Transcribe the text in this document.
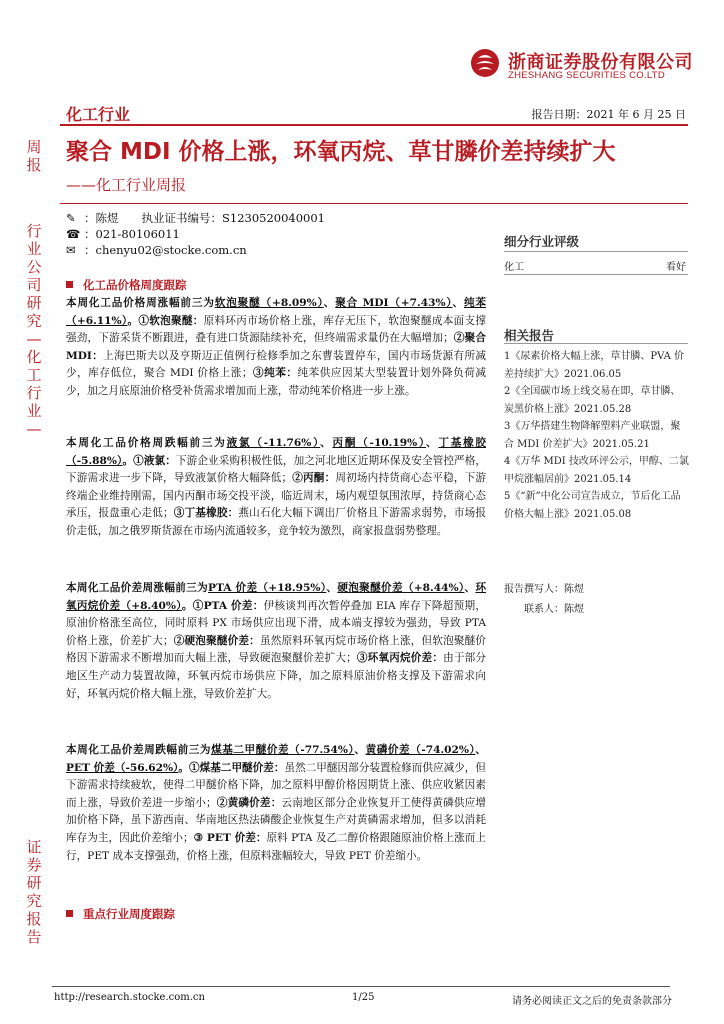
浙商证券股份有限公司
ZHESHANG SECURITIES CO.LTD
化工行业	报告日期：2021 年 6 月 25 日
周报
行业公司研究—化工行业—
证券研究报告
聚合 MDI 价格上涨，环氧丙烷、草甘膦价差持续扩大
——化工行业周报
✎ ：陈煜　　执业证书编号：S1230520040001
☎ ：021-80106011
✉ ：chenyu02@stocke.com.cn
细分行业评级
化工	看好
相关报告

1《尿素价格大幅上涨，草甘膦、PVA 价差持续扩大》2021.06.05

2《全国碳市场上线交易在即，草甘膦、炭黑价格上涨》2021.05.28

3《万华搭建生物降解塑料产业联盟，聚合 MDI 价差扩大》2021.05.21

4《万华 MDI 技改环评公示，甲醇、二氯甲烷涨幅居前》2021.05.14

5《“新”中化公司宣告成立，节后化工品价格大幅上涨》2021.05.08

报告撰写人：陈煜
联系人：陈煜
化工品价格周度跟踪
本周化工品价格周涨幅前三为软泡聚醚（+8.09%）、聚合 MDI（+7.43%）、纯苯（+6.11%）。①软泡聚醚：原料环丙市场价格上涨，库存无压下，软泡聚醚成本面支撑强劲，下游采货不断跟进，叠有进口货源陆续补充，但终端需求量仍在大幅增加；②聚合 MDI：上海巴斯夫以及亨斯迈正值例行检修季加之东曹装置停车，国内市场货源有所减少，库存低位，聚合 MDI 价格上涨；③纯苯：纯苯供应因某大型装置计划外降负荷减少，加之月底原油价格受补货需求增加而上涨，带动纯苯价格进一步上涨。
本周化工品价格周跌幅前三为液氯（-11.76%）、丙酮（-10.19%）、丁基橡胶（-5.88%）。①液氯：下游企业采购积极性低，加之河北地区近期环保及安全管控严格，下游需求进一步下降，导致液氯价格大幅降低；②丙酮：周初场内持货商心态平稳，下游终端企业维持刚需，国内丙酮市场交投平淡，临近周末，场内观望氛围浓厚，持货商心态承压，报盘重心走低；③丁基橡胶：燕山石化大幅下调出厂价格且下游需求弱势，市场报价走低，加之俄罗斯货源在市场内流通较多，竞争较为激烈，商家报盘弱势整理。
本周化工品价差周涨幅前三为PTA 价差（+18.95%）、硬泡聚醚价差（+8.44%）、环氧丙烷价差（+8.40%）。①PTA 价差：伊核谈判再次暂停叠加 EIA 库存下降超预期，原油价格涨至高位，同时原料 PX 市场供应出现下滑，成本端支撑较为强劲，导致 PTA 价格上涨，价差扩大；②硬泡聚醚价差：虽然原料环氧丙烷市场价格上涨，但软泡聚醚价格因下游需求不断增加而大幅上涨，导致硬泡聚醚价差扩大；③环氧丙烷价差：由于部分地区生产动力装置故障，环氧丙烷市场供应下降，加之原料原油价格支撑及下游需求向好，环氧丙烷价格大幅上涨，导致价差扩大。
本周化工品价差周跌幅前三为煤基二甲醚价差（-77.54%）、黄磷价差（-74.02%）、PET 价差（-56.62%）。①煤基二甲醚价差：虽然二甲醚因部分装置检修而供应减少，但下游需求持续疲软，使得二甲醚价格下降，加之原料甲醇价格因期货上涨、供应收紧因素而上涨，导致价差进一步缩小；②黄磷价差：云南地区部分企业恢复开工使得黄磷供应增加价格下降，虽下游西南、华南地区热法磷酸企业恢复生产对黄磷需求增加，但多以消耗库存为主，因此价差缩小；③ PET 价差：原料 PTA 及乙二醇价格跟随原油价格上涨而上行，PET 成本支撑强劲，价格上涨，但原料涨幅较大，导致 PET 价差缩小。
重点行业周度跟踪
http://research.stocke.com.cn	1/25	请务必阅读正文之后的免责条款部分
